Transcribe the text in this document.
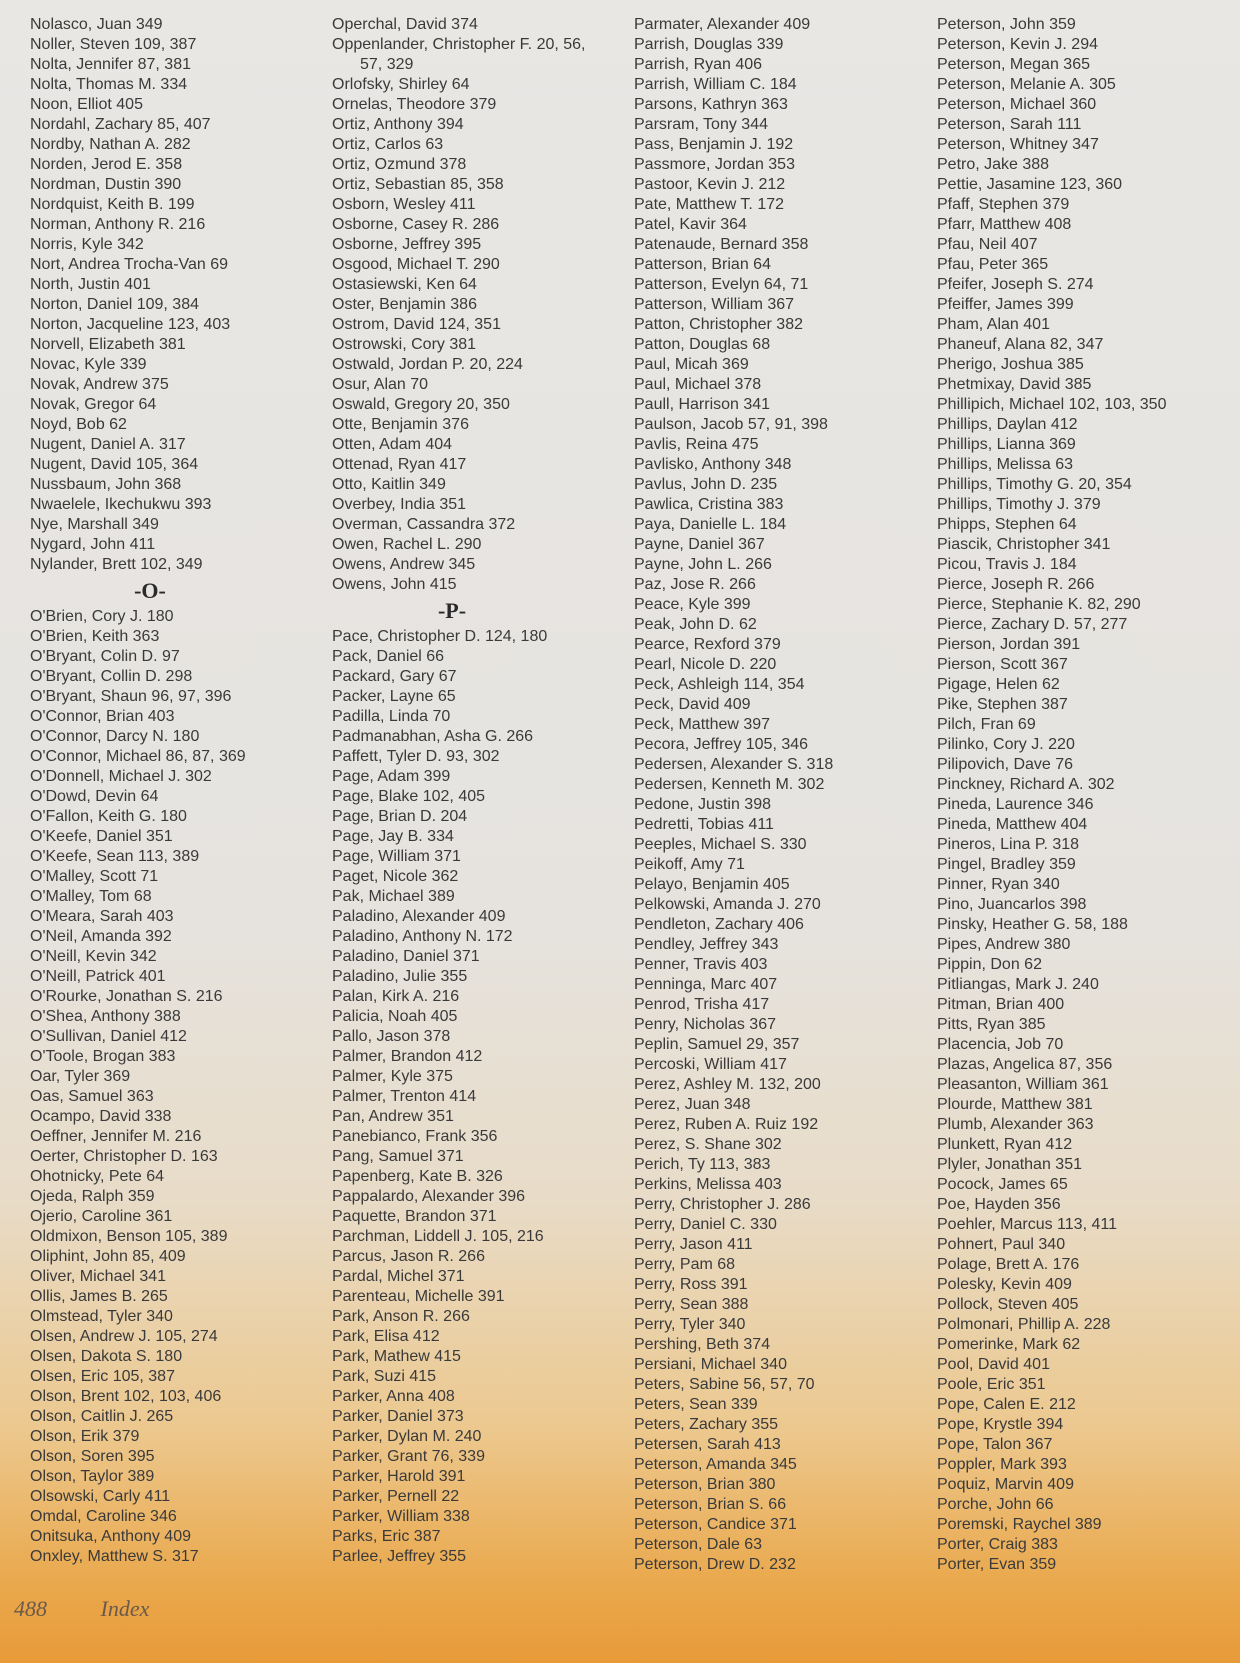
Nolasco, Juan 349
Noller, Steven 109, 387
Nolta, Jennifer 87, 381
Nolta, Thomas M. 334
Noon, Elliot 405
Nordahl, Zachary 85, 407
Nordby, Nathan A. 282
Norden, Jerod E. 358
Nordman, Dustin 390
Nordquist, Keith B. 199
Norman, Anthony R. 216
Norris, Kyle 342
Nort, Andrea Trocha-Van 69
North, Justin 401
Norton, Daniel 109, 384
Norton, Jacqueline 123, 403
Norvell, Elizabeth 381
Novac, Kyle 339
Novak, Andrew 375
Novak, Gregor 64
Noyd, Bob 62
Nugent, Daniel A. 317
Nugent, David 105, 364
Nussbaum, John 368
Nwaelele, Ikechukwu 393
Nye, Marshall 349
Nygard, John 411
Nylander, Brett 102, 349
-O-
O'Brien, Cory J. 180
O'Brien, Keith 363
O'Bryant, Colin D. 97
O'Bryant, Collin D. 298
O'Bryant, Shaun 96, 97, 396
O'Connor, Brian 403
O'Connor, Darcy N. 180
O'Connor, Michael 86, 87, 369
O'Donnell, Michael J. 302
O'Dowd, Devin 64
O'Fallon, Keith G. 180
O'Keefe, Daniel 351
O'Keefe, Sean 113, 389
O'Malley, Scott 71
O'Malley, Tom 68
O'Meara, Sarah 403
O'Neil, Amanda 392
O'Neill, Kevin 342
O'Neill, Patrick 401
O'Rourke, Jonathan S. 216
O'Shea, Anthony 388
O'Sullivan, Daniel 412
O'Toole, Brogan 383
Oar, Tyler 369
Oas, Samuel 363
Ocampo, David 338
Oeffner, Jennifer M. 216
Oerter, Christopher D. 163
Ohotnicky, Pete 64
Ojeda, Ralph 359
Ojerio, Caroline 361
Oldmixon, Benson 105, 389
Oliphint, John 85, 409
Oliver, Michael 341
Ollis, James B. 265
Olmstead, Tyler 340
Olsen, Andrew J. 105, 274
Olsen, Dakota S. 180
Olsen, Eric 105, 387
Olson, Brent 102, 103, 406
Olson, Caitlin J. 265
Olson, Erik 379
Olson, Soren 395
Olson, Taylor 389
Olsowski, Carly 411
Omdal, Caroline 346
Onitsuka, Anthony 409
Onxley, Matthew S. 317
Operchal, David 374
Oppenlander, Christopher F. 20, 56,
57, 329
Orlofsky, Shirley 64
Ornelas, Theodore 379
Ortiz, Anthony 394
Ortiz, Carlos 63
Ortiz, Ozmund 378
Ortiz, Sebastian 85, 358
Osborn, Wesley 411
Osborne, Casey R. 286
Osborne, Jeffrey 395
Osgood, Michael T. 290
Ostasiewski, Ken 64
Oster, Benjamin 386
Ostrom, David 124, 351
Ostrowski, Cory 381
Ostwald, Jordan P. 20, 224
Osur, Alan 70
Oswald, Gregory 20, 350
Otte, Benjamin 376
Otten, Adam 404
Ottenad, Ryan 417
Otto, Kaitlin 349
Overbey, India 351
Overman, Cassandra 372
Owen, Rachel L. 290
Owens, Andrew 345
Owens, John 415
-P-
Pace, Christopher D. 124, 180
Pack, Daniel 66
Packard, Gary 67
Packer, Layne 65
Padilla, Linda 70
Padmanabhan, Asha G. 266
Paffett, Tyler D. 93, 302
Page, Adam 399
Page, Blake 102, 405
Page, Brian D. 204
Page, Jay B. 334
Page, William 371
Paget, Nicole 362
Pak, Michael 389
Paladino, Alexander 409
Paladino, Anthony N. 172
Paladino, Daniel 371
Paladino, Julie 355
Palan, Kirk A. 216
Palicia, Noah 405
Pallo, Jason 378
Palmer, Brandon 412
Palmer, Kyle 375
Palmer, Trenton 414
Pan, Andrew 351
Panebianco, Frank 356
Pang, Samuel 371
Papenberg, Kate B. 326
Pappalardo, Alexander 396
Paquette, Brandon 371
Parchman, Liddell J. 105, 216
Parcus, Jason R. 266
Pardal, Michel 371
Parenteau, Michelle 391
Park, Anson R. 266
Park, Elisa 412
Park, Mathew 415
Park, Suzi 415
Parker, Anna 408
Parker, Daniel 373
Parker, Dylan M. 240
Parker, Grant 76, 339
Parker, Harold 391
Parker, Pernell 22
Parker, William 338
Parks, Eric 387
Parlee, Jeffrey 355
Parmater, Alexander 409
Parrish, Douglas 339
Parrish, Ryan 406
Parrish, William C. 184
Parsons, Kathryn 363
Parsram, Tony 344
Pass, Benjamin J. 192
Passmore, Jordan 353
Pastoor, Kevin J. 212
Pate, Matthew T. 172
Patel, Kavir 364
Patenaude, Bernard 358
Patterson, Brian 64
Patterson, Evelyn 64, 71
Patterson, William 367
Patton, Christopher 382
Patton, Douglas 68
Paul, Micah 369
Paul, Michael 378
Paull, Harrison 341
Paulson, Jacob 57, 91, 398
Pavlis, Reina 475
Pavlisko, Anthony 348
Pavlus, John D. 235
Pawlica, Cristina 383
Paya, Danielle L. 184
Payne, Daniel 367
Payne, John L. 266
Paz, Jose R. 266
Peace, Kyle 399
Peak, John D. 62
Pearce, Rexford 379
Pearl, Nicole D. 220
Peck, Ashleigh 114, 354
Peck, David 409
Peck, Matthew 397
Pecora, Jeffrey 105, 346
Pedersen, Alexander S. 318
Pedersen, Kenneth M. 302
Pedone, Justin 398
Pedretti, Tobias 411
Peeples, Michael S. 330
Peikoff, Amy 71
Pelayo, Benjamin 405
Pelkowski, Amanda J. 270
Pendleton, Zachary 406
Pendley, Jeffrey 343
Penner, Travis 403
Penninga, Marc 407
Penrod, Trisha 417
Penry, Nicholas 367
Peplin, Samuel 29, 357
Percoski, William 417
Perez, Ashley M. 132, 200
Perez, Juan 348
Perez, Ruben A. Ruiz 192
Perez, S. Shane 302
Perich, Ty 113, 383
Perkins, Melissa 403
Perry, Christopher J. 286
Perry, Daniel C. 330
Perry, Jason 411
Perry, Pam 68
Perry, Ross 391
Perry, Sean 388
Perry, Tyler 340
Pershing, Beth 374
Persiani, Michael 340
Peters, Sabine 56, 57, 70
Peters, Sean 339
Peters, Zachary 355
Petersen, Sarah 413
Peterson, Amanda 345
Peterson, Brian 380
Peterson, Brian S. 66
Peterson, Candice 371
Peterson, Dale 63
Peterson, Drew D. 232
Peterson, John 359
Peterson, Kevin J. 294
Peterson, Megan 365
Peterson, Melanie A. 305
Peterson, Michael 360
Peterson, Sarah 111
Peterson, Whitney 347
Petro, Jake 388
Pettie, Jasamine 123, 360
Pfaff, Stephen 379
Pfarr, Matthew 408
Pfau, Neil 407
Pfau, Peter 365
Pfeifer, Joseph S. 274
Pfeiffer, James 399
Pham, Alan 401
Phaneuf, Alana 82, 347
Pherigo, Joshua 385
Phetmixay, David 385
Phillipich, Michael 102, 103, 350
Phillips, Daylan 412
Phillips, Lianna 369
Phillips, Melissa 63
Phillips, Timothy G. 20, 354
Phillips, Timothy J. 379
Phipps, Stephen 64
Piascik, Christopher 341
Picou, Travis J. 184
Pierce, Joseph R. 266
Pierce, Stephanie K. 82, 290
Pierce, Zachary D. 57, 277
Pierson, Jordan 391
Pierson, Scott 367
Pigage, Helen 62
Pike, Stephen 387
Pilch, Fran 69
Pilinko, Cory J. 220
Pilipovich, Dave 76
Pinckney, Richard A. 302
Pineda, Laurence 346
Pineda, Matthew 404
Pineros, Lina P. 318
Pingel, Bradley 359
Pinner, Ryan 340
Pino, Juancarlos 398
Pinsky, Heather G. 58, 188
Pipes, Andrew 380
Pippin, Don 62
Pitliangas, Mark J. 240
Pitman, Brian 400
Pitts, Ryan 385
Placencia, Job 70
Plazas, Angelica 87, 356
Pleasanton, William 361
Plourde, Matthew 381
Plumb, Alexander 363
Plunkett, Ryan 412
Plyler, Jonathan 351
Pocock, James 65
Poe, Hayden 356
Poehler, Marcus 113, 411
Pohnert, Paul 340
Polage, Brett A. 176
Polesky, Kevin 409
Pollock, Steven 405
Polmonari, Phillip A. 228
Pomerinke, Mark 62
Pool, David 401
Poole, Eric 351
Pope, Calen E. 212
Pope, Krystle 394
Pope, Talon 367
Poppler, Mark 393
Poquiz, Marvin 409
Porche, John 66
Poremski, Raychel 389
Porter, Craig 383
Porter, Evan 359
488 Index
